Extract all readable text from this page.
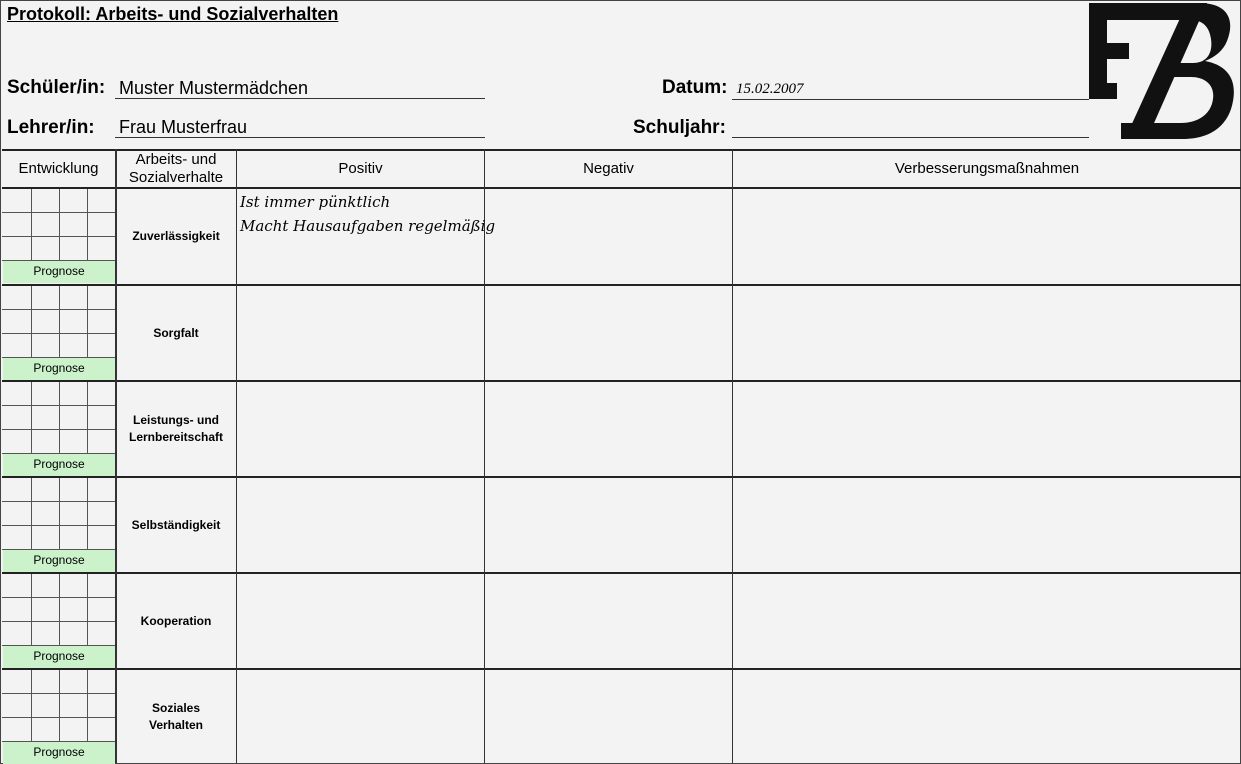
Protokoll: Arbeits- und Sozialverhalten
Schüler/in: Muster Mustermädchen
Lehrer/in: Frau Musterfrau
Datum: 15.02.2007
Schuljahr:
Entwicklung
Arbeits- und Sozialverhalte
Positiv	Negativ	Verbesserungsmaßnahmen
Prognose
Prognose
Prognose
Prognose
Prognose
Prognose
Zuverlässigkeit
Sorgfalt
Leistungs- und Lernbereitschaft
Selbständigkeit
Kooperation
Soziales Verhalten
Ist immer pünktlich
Macht Hausaufgaben regelmäßig
